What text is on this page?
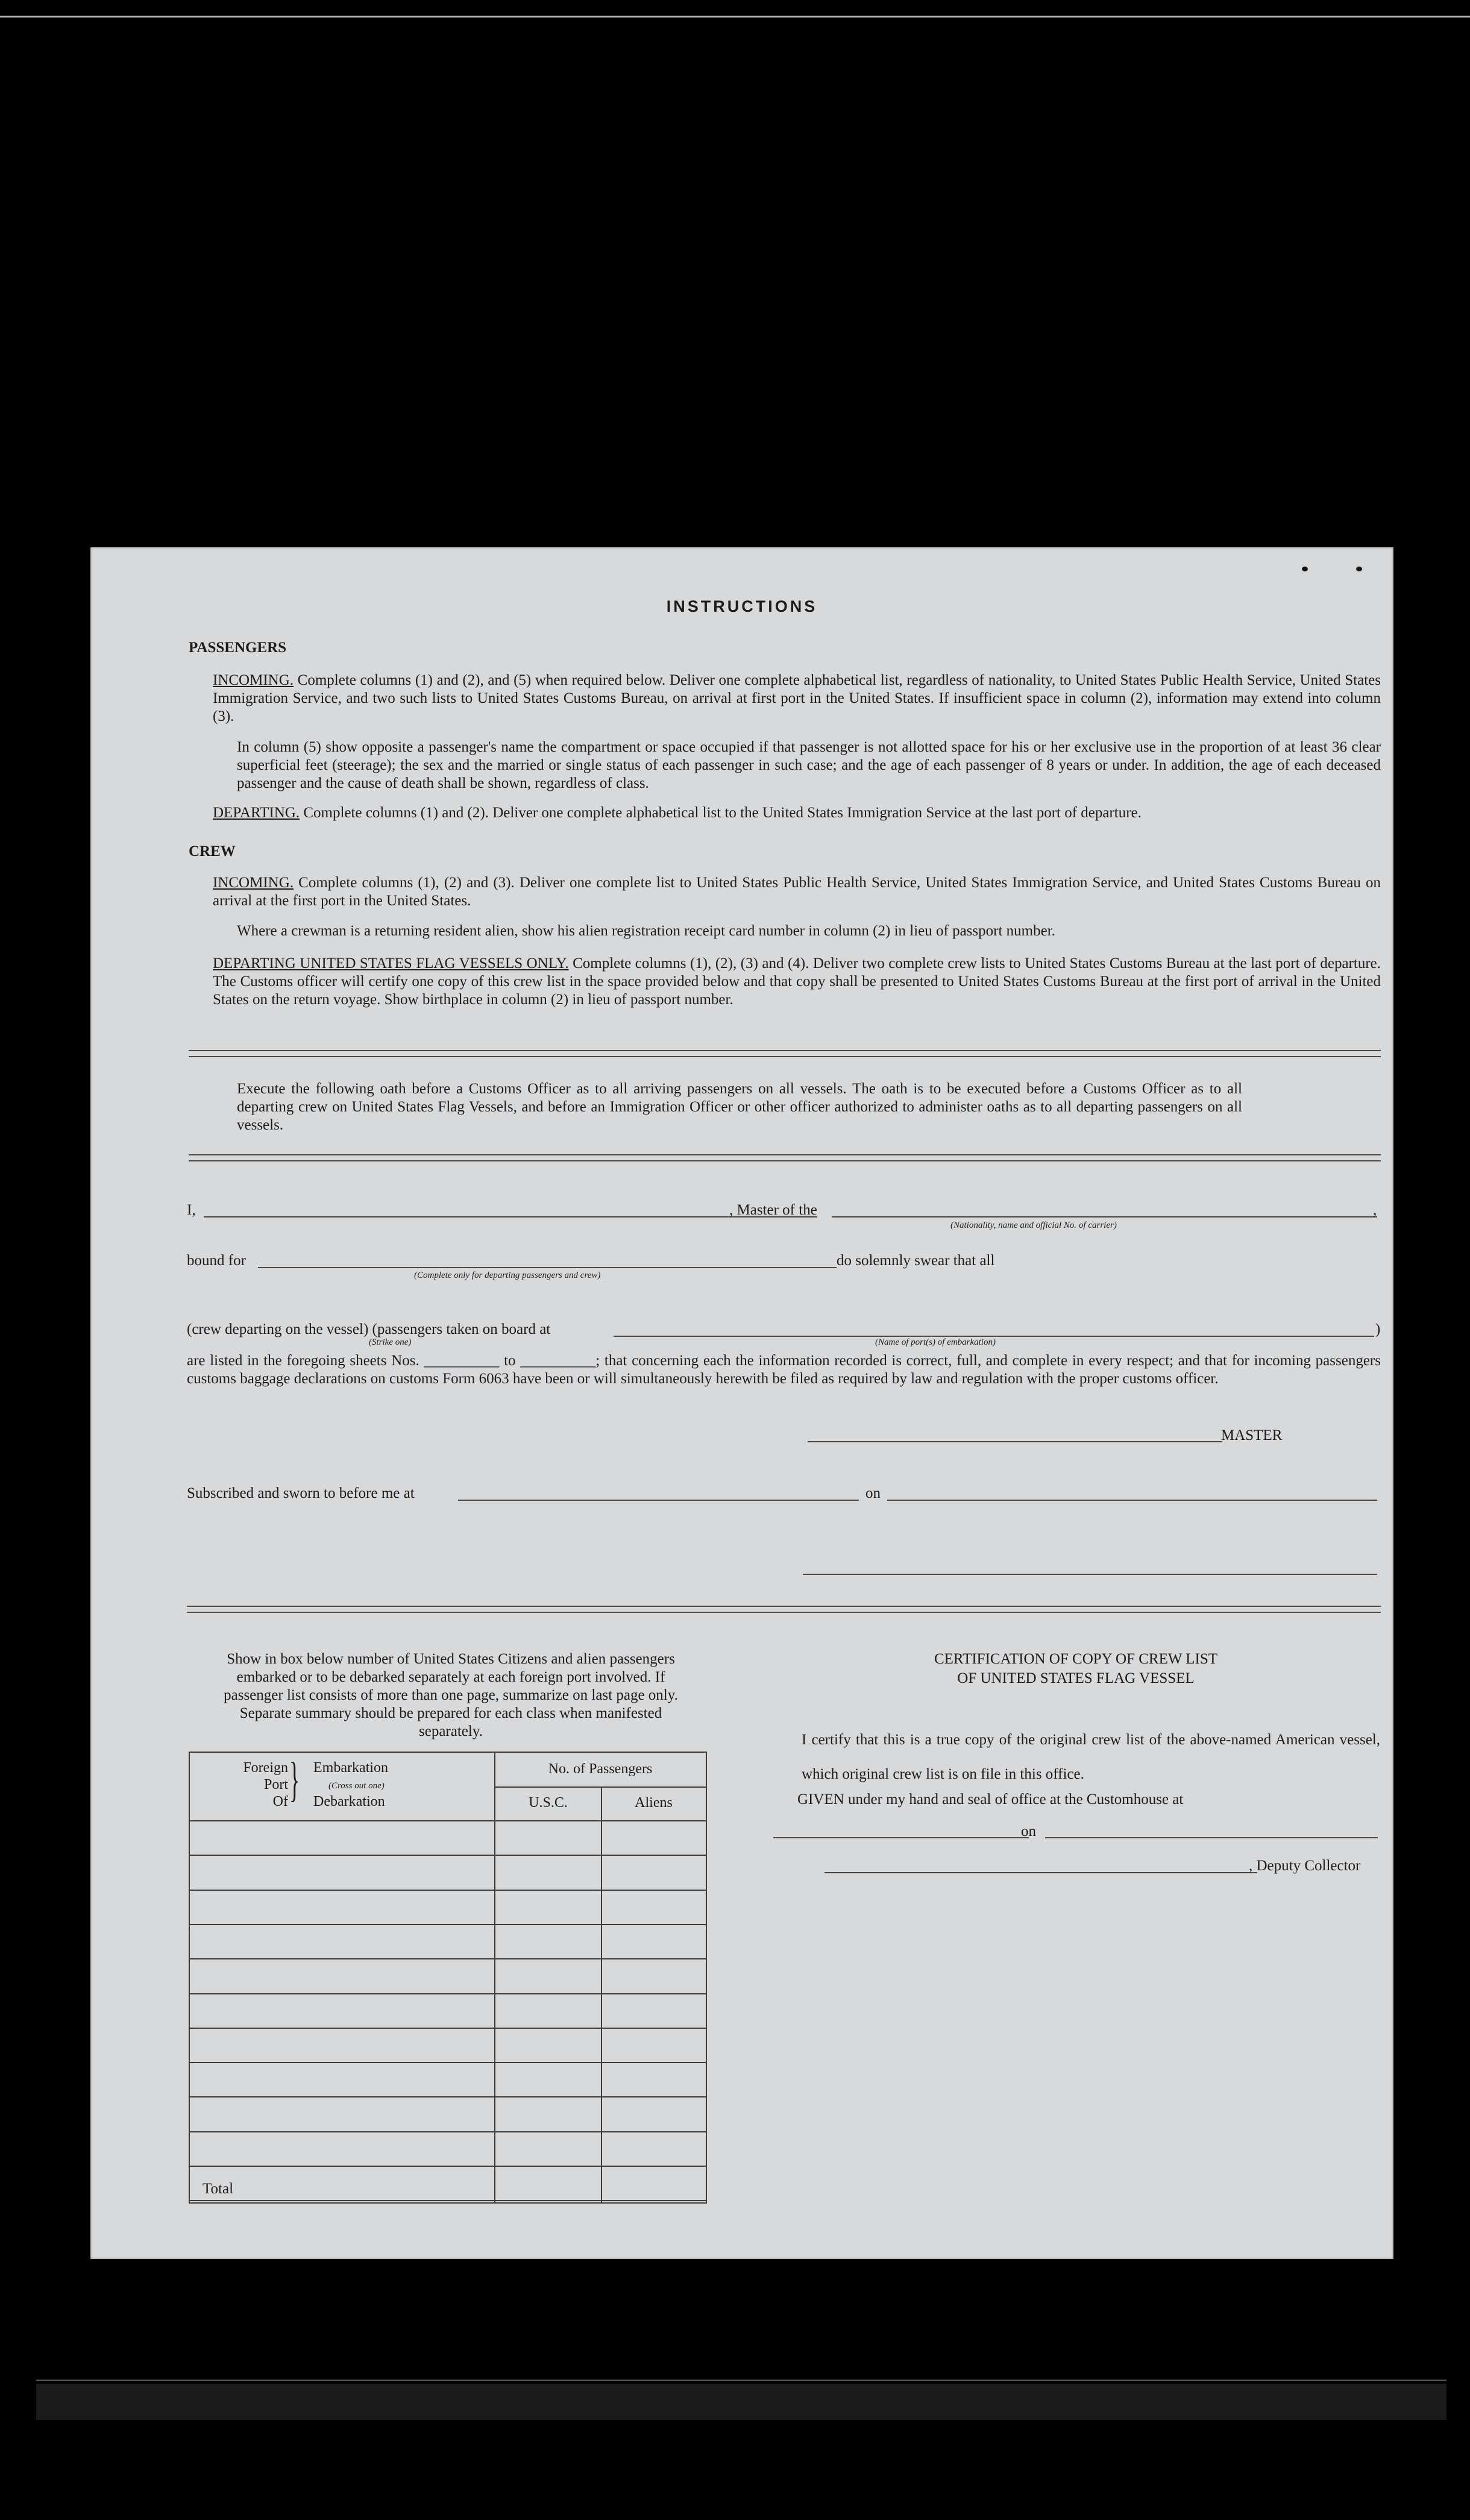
INSTRUCTIONS
PASSENGERS
INCOMING. Complete columns (1) and (2), and (5) when required below. Deliver one complete alphabetical list, regardless of nationality, to United States Public Health Service, United States Immigration Service, and two such lists to United States Customs Bureau, on arrival at first port in the United States. If insufficient space in column (2), information may extend into column (3).
In column (5) show opposite a passenger's name the compartment or space occupied if that passenger is not allotted space for his or her exclusive use in the proportion of at least 36 clear superficial feet (steerage); the sex and the married or single status of each passenger in such case; and the age of each passenger of 8 years or under. In addition, the age of each deceased passenger and the cause of death shall be shown, regardless of class.
DEPARTING. Complete columns (1) and (2). Deliver one complete alphabetical list to the United States Immigration Service at the last port of departure.
CREW
INCOMING. Complete columns (1), (2) and (3). Deliver one complete list to United States Public Health Service, United States Immigration Service, and United States Customs Bureau on arrival at the first port in the United States.
Where a crewman is a returning resident alien, show his alien registration receipt card number in column (2) in lieu of passport number.
DEPARTING UNITED STATES FLAG VESSELS ONLY. Complete columns (1), (2), (3) and (4). Deliver two complete crew lists to United States Customs Bureau at the last port of departure. The Customs officer will certify one copy of this crew list in the space provided below and that copy shall be presented to United States Customs Bureau at the first port of arrival in the United States on the return voyage. Show birthplace in column (2) in lieu of passport number.
Execute the following oath before a Customs Officer as to all arriving passengers on all vessels. The oath is to be executed before a Customs Officer as to all departing crew on United States Flag Vessels, and before an Immigration Officer or other officer authorized to administer oaths as to all departing passengers on all vessels.
I,	, Master of the	,
(Nationality, name and official No. of carrier)
bound for	do solemnly swear that all
(Complete only for departing passengers and crew)
(crew departing on the vessel) (passengers taken on board at	)
(Strike one)	(Name of port(s) of embarkation)
are listed in the foregoing sheets Nos. __________ to __________; that concerning each the information recorded is correct, full, and complete in every respect; and that for incoming passengers customs baggage declarations on customs Form 6063 have been or will simultaneously herewith be filed as required by law and regulation with the proper customs officer.
MASTER
Subscribed and sworn to before me at	on
Show in box below number of United States Citizens and alien passengers embarked or to be debarked separately at each foreign port involved. If passenger list consists of more than one page, summarize on last page only. Separate summary should be prepared for each class when manifested separately.
Foreign
Port
Of } Embarkation
(Cross out one)
Debarkation
No. of Passengers
U.S.C.	Aliens
Total
CERTIFICATION OF COPY OF CREW LIST
OF UNITED STATES FLAG VESSEL
I certify that this is a true copy of the original crew list of the above-named American vessel, which original crew list is on file in this office.
GIVEN under my hand and seal of office at the Customhouse at
on
, Deputy Collector
